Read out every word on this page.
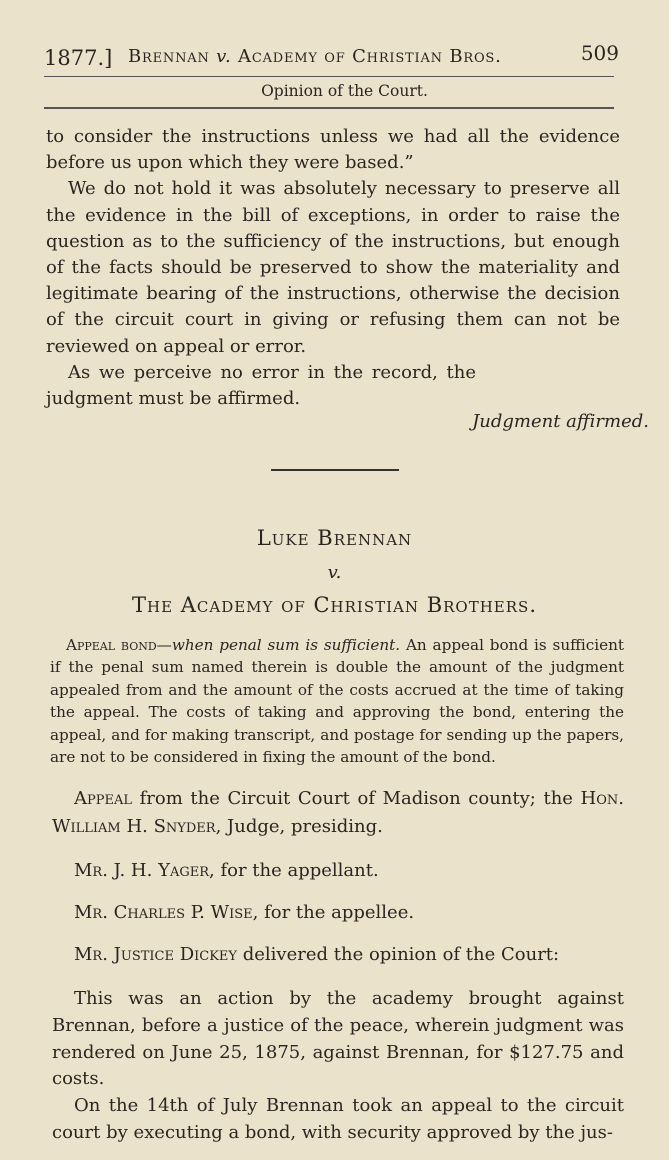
1877.] Brennan v. Academy of Christian Bros.	509
Opinion of the Court.
to consider the instructions unless we had all the evidence before us upon which they were based.”
We do not hold it was absolutely necessary to preserve all the evidence in the bill of exceptions, in order to raise the question as to the sufficiency of the instructions, but enough of the facts should be preserved to show the materiality and legitimate bearing of the instructions, otherwise the decision of the circuit court in giving or refusing them can not be reviewed on appeal or error.
As we perceive no error in the record, the judgment must be affirmed.
Judgment affirmed.
Luke Brennan
v.
The Academy of Christian Brothers.
Appeal bond—when penal sum is sufficient. An appeal bond is sufficient if the penal sum named therein is double the amount of the judgment appealed from and the amount of the costs accrued at the time of taking the appeal. The costs of taking and approving the bond, entering the appeal, and for making transcript, and postage for sending up the papers, are not to be considered in fixing the amount of the bond.
Appeal from the Circuit Court of Madison county; the Hon. William H. Snyder, Judge, presiding.
Mr. J. H. Yager, for the appellant.
Mr. Charles P. Wise, for the appellee.
Mr. Justice Dickey delivered the opinion of the Court:
This was an action by the academy brought against Brennan, before a justice of the peace, wherein judgment was rendered on June 25, 1875, against Brennan, for $127.75 and costs.
On the 14th of July Brennan took an appeal to the circuit court by executing a bond, with security approved by the jus-
